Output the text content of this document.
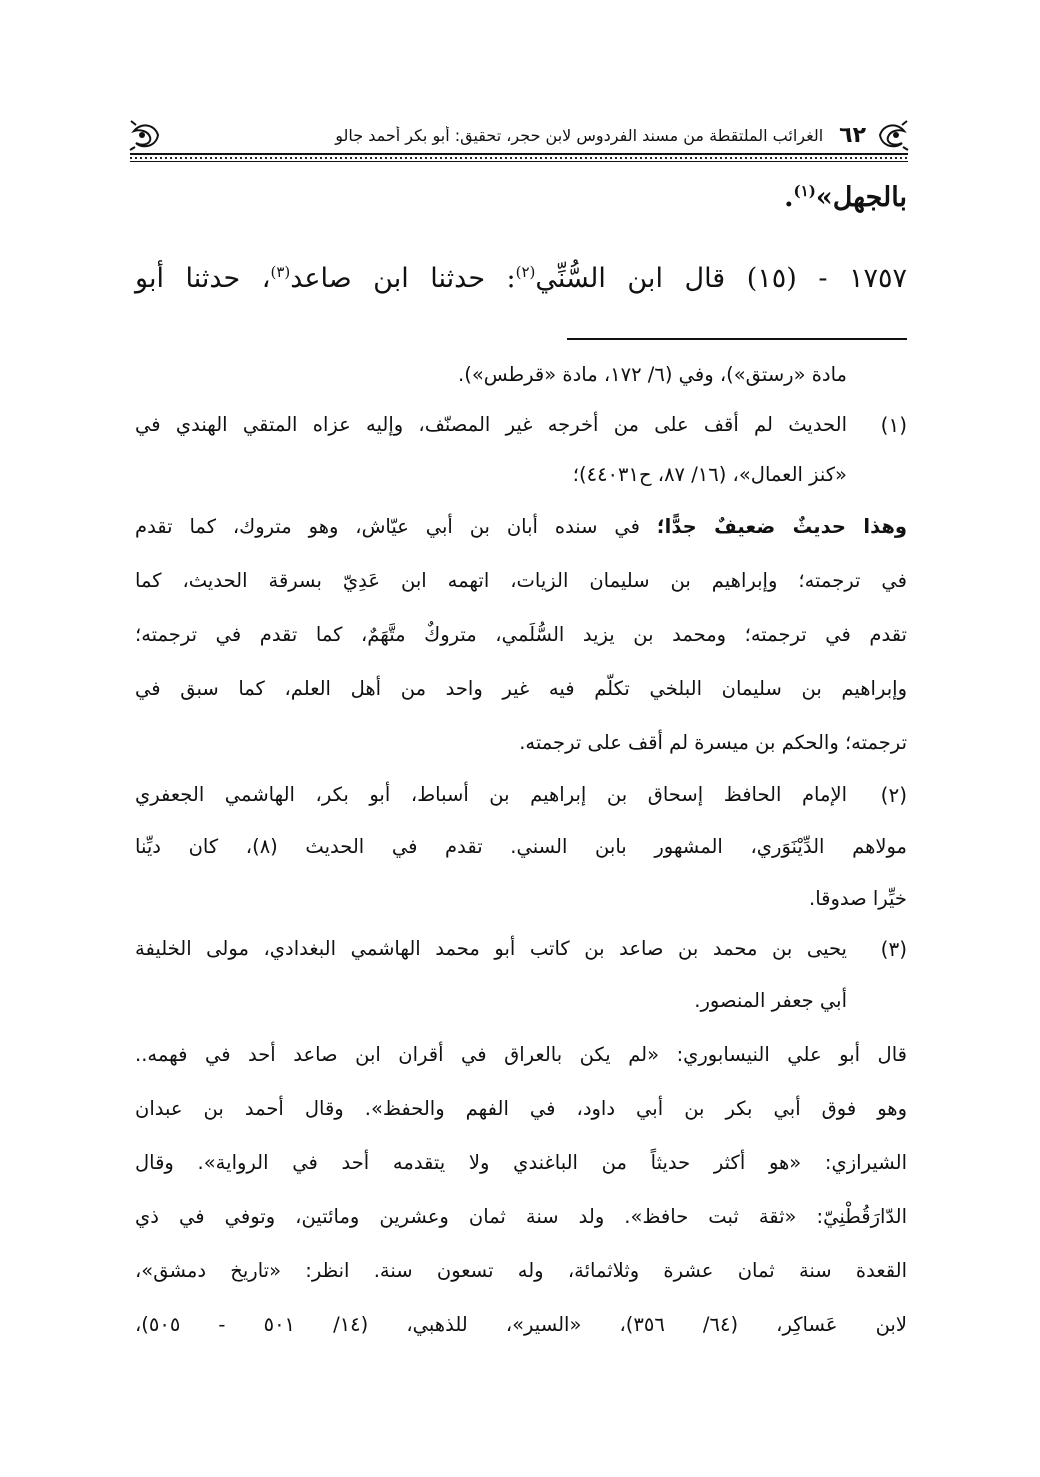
٦٢
الغرائب الملتقطة من مسند الفردوس لابن حجر، تحقيق: أبو بكر أحمد جالو
بالجهل»$^{(١)}$.
١٧٥٧ - (١٥) قال ابن السُّنِّي$^{(٢)}$: حدثنا ابن صاعد$^{(٣)}$، حدثنا أبو
مادة «رستق»)، وفي (٦/ ١٧٢، مادة «قرطس»).
(١)
الحديث لم أقف على من أخرجه غير المصنّف، وإليه عزاه المتقي الهندي في
«كنز العمال»، (١٦/ ٨٧، ح٤٤٠٣١)؛
وهذا حديثٌ ضعيفٌ جدًّا؛ في سنده أبان بن أبي عيّاش، وهو متروك، كما تقدم
في ترجمته؛ وإبراهيم بن سليمان الزيات، اتهمه ابن عَدِيّ بسرقة الحديث، كما
تقدم في ترجمته؛ ومحمد بن يزيد السُّلَمي، متروكٌ متَّهَمٌ، كما تقدم في ترجمته؛
وإبراهيم بن سليمان البلخي تكلّم فيه غير واحد من أهل العلم، كما سبق في
ترجمته؛ والحكم بن ميسرة لم أقف على ترجمته.
(٢)
الإمام الحافظ إسحاق بن إبراهيم بن أسباط، أبو بكر، الهاشمي الجعفري
مولاهم الدِّيْنَوَري، المشهور بابن السني. تقدم في الحديث (٨)، كان ديِّنا
خيِّرا صدوقا.
(٣)
يحيى بن محمد بن صاعد بن كاتب أبو محمد الهاشمي البغدادي، مولى الخليفة
أبي جعفر المنصور.
قال أبو علي النيسابوري: «لم يكن بالعراق في أقران ابن صاعد أحد في فهمه..
وهو فوق أبي بكر بن أبي داود، في الفهم والحفظ». وقال أحمد بن عبدان
الشيرازي: «هو أكثر حديثاً من الباغندي ولا يتقدمه أحد في الرواية». وقال
الدّارَقُطْنِيّ: «ثقة ثبت حافظ». ولد سنة ثمان وعشرين ومائتين، وتوفي في ذي
القعدة سنة ثمان عشرة وثلاثمائة، وله تسعون سنة. انظر: «تاريخ دمشق»،
لابن عَساكِر، (٦٤/ ٣٥٦)، «السير»، للذهبي، (١٤/ ٥٠١ - ٥٠٥)،
